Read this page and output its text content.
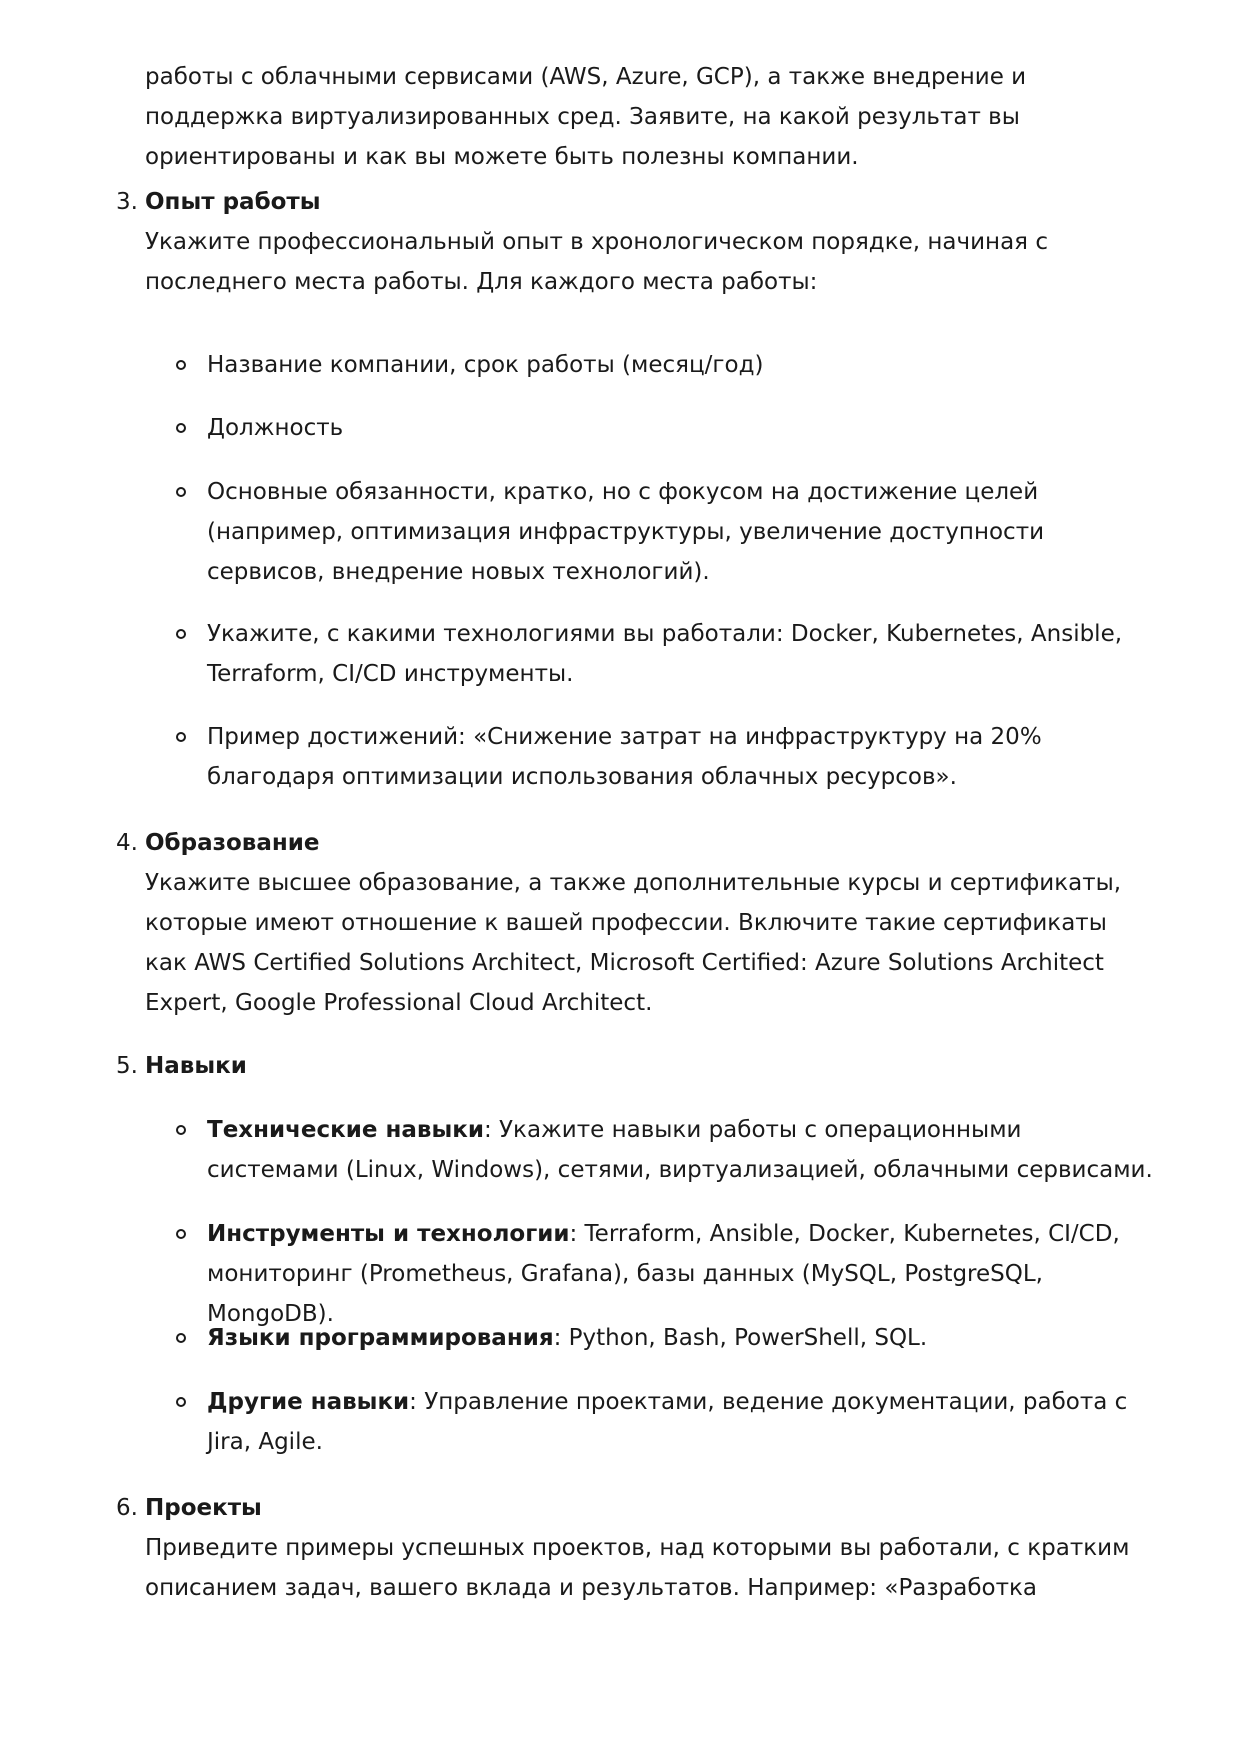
работы с облачными сервисами (AWS, Azure, GCP), а также внедрение и поддержка виртуализированных сред. Заявите, на какой результат вы ориентированы и как вы можете быть полезны компании.

3. Опыт работы

Укажите профессиональный опыт в хронологическом порядке, начиная с последнего места работы. Для каждого места работы:

Название компании, срок работы (месяц/год)

Должность

Основные обязанности, кратко, но с фокусом на достижение целей (например, оптимизация инфраструктуры, увеличение доступности сервисов, внедрение новых технологий).

Укажите, с какими технологиями вы работали: Docker, Kubernetes, Ansible, Terraform, CI/CD инструменты.

Пример достижений: «Снижение затрат на инфраструктуру на 20% благодаря оптимизации использования облачных ресурсов».

4. Образование

Укажите высшее образование, а также дополнительные курсы и сертификаты, которые имеют отношение к вашей профессии. Включите такие сертификаты как AWS Certified Solutions Architect, Microsoft Certified: Azure Solutions Architect Expert, Google Professional Cloud Architect.

5. Навыки

Технические навыки: Укажите навыки работы с операционными системами (Linux, Windows), сетями, виртуализацией, облачными сервисами.

Инструменты и технологии: Terraform, Ansible, Docker, Kubernetes, CI/CD, мониторинг (Prometheus, Grafana), базы данных (MySQL, PostgreSQL, MongoDB).

Языки программирования: Python, Bash, PowerShell, SQL.

Другие навыки: Управление проектами, ведение документации, работа с Jira, Agile.

6. Проекты

Приведите примеры успешных проектов, над которыми вы работали, с кратким описанием задач, вашего вклада и результатов. Например: «Разработка
